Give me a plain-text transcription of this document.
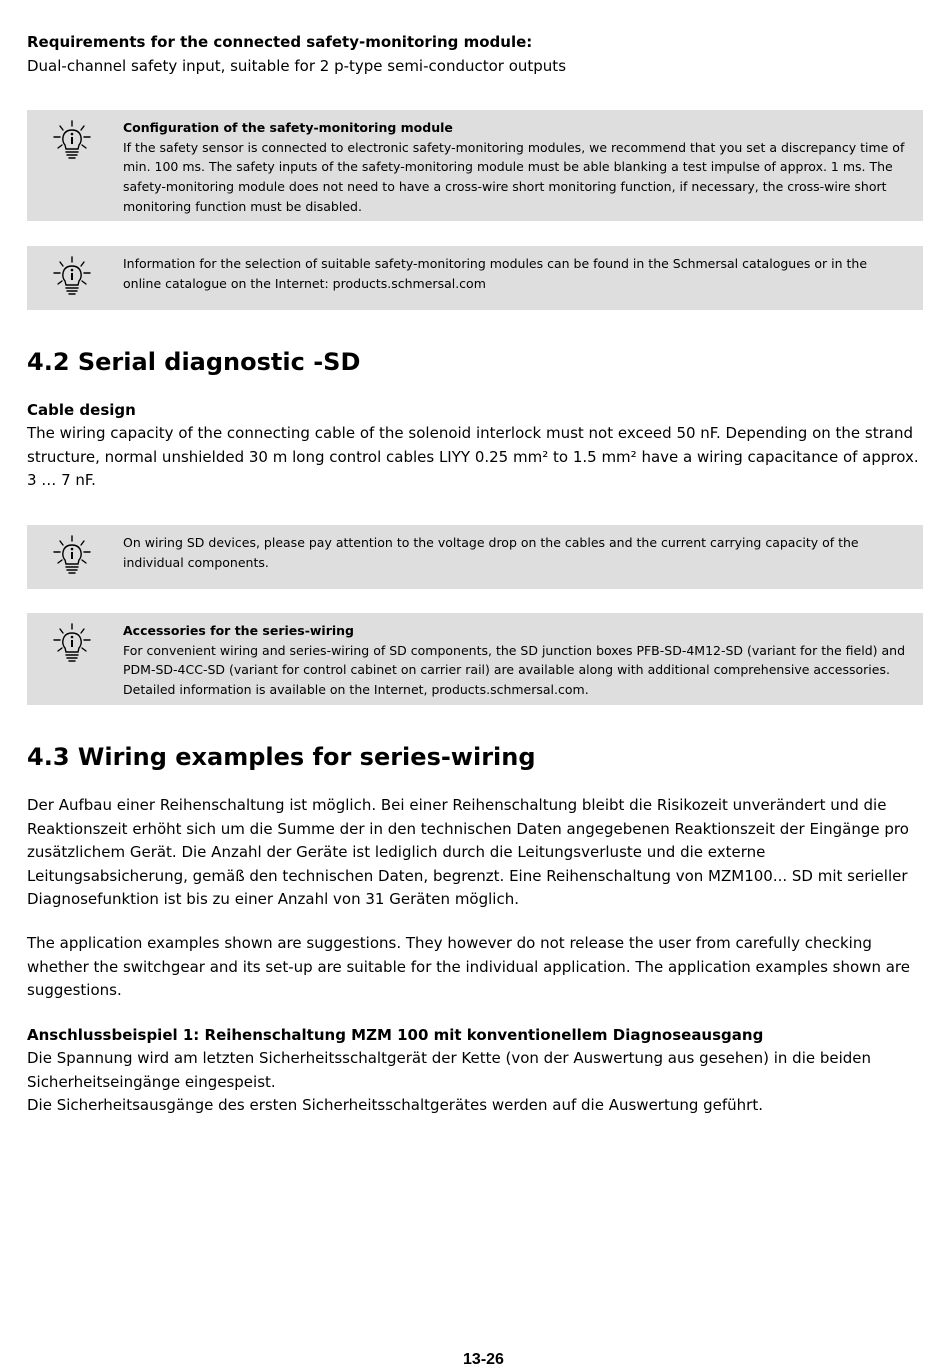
Requirements for the connected safety-monitoring module:
Dual-channel safety input, suitable for 2 p-type semi-conductor outputs
Configuration of the safety-monitoring module
If the safety sensor is connected to electronic safety-monitoring modules, we recommend that you set a discrepancy time of min. 100 ms. The safety inputs of the safety-monitoring module must be able blanking a test impulse of approx. 1 ms. The safety-monitoring module does not need to have a cross-wire short monitoring function, if necessary, the cross-wire short monitoring function must be disabled.
Information for the selection of suitable safety-monitoring modules can be found in the Schmersal catalogues or in the online catalogue on the Internet: products.schmersal.com
4.2 Serial diagnostic -SD
Cable design
The wiring capacity of the connecting cable of the solenoid interlock must not exceed 50 nF. Depending on the strand structure, normal unshielded 30 m long control cables LIYY 0.25 mm² to 1.5 mm² have a wiring capacitance of approx. 3 … 7 nF.
On wiring SD devices, please pay attention to the voltage drop on the cables and the current carrying capacity of the individual components.
Accessories for the series-wiring
For convenient wiring and series-wiring of SD components, the SD junction boxes PFB-SD-4M12-SD (variant for the field) and PDM-SD-4CC-SD (variant for control cabinet on carrier rail) are available along with additional comprehensive accessories. Detailed information is available on the Internet, products.schmersal.com.
4.3 Wiring examples for series-wiring
Der Aufbau einer Reihenschaltung ist möglich. Bei einer Reihenschaltung bleibt die Risikozeit unverändert und die Reaktionszeit erhöht sich um die Summe der in den technischen Daten angegebenen Reaktionszeit der Eingänge pro zusätzlichem Gerät. Die Anzahl der Geräte ist lediglich durch die Leitungsverluste und die externe Leitungsabsicherung, gemäß den technischen Daten, begrenzt. Eine Reihenschaltung von MZM100... SD mit serieller Diagnosefunktion ist bis zu einer Anzahl von 31 Geräten möglich.
The application examples shown are suggestions. They however do not release the user from carefully checking whether the switchgear and its set-up are suitable for the individual application. The application examples shown are suggestions.
Anschlussbeispiel 1: Reihenschaltung MZM 100 mit konventionellem Diagnoseausgang
Die Spannung wird am letzten Sicherheitsschaltgerät der Kette (von der Auswertung aus gesehen) in die beiden Sicherheitseingänge eingespeist.
Die Sicherheitsausgänge des ersten Sicherheitsschaltgerätes werden auf die Auswertung geführt.
13-26
